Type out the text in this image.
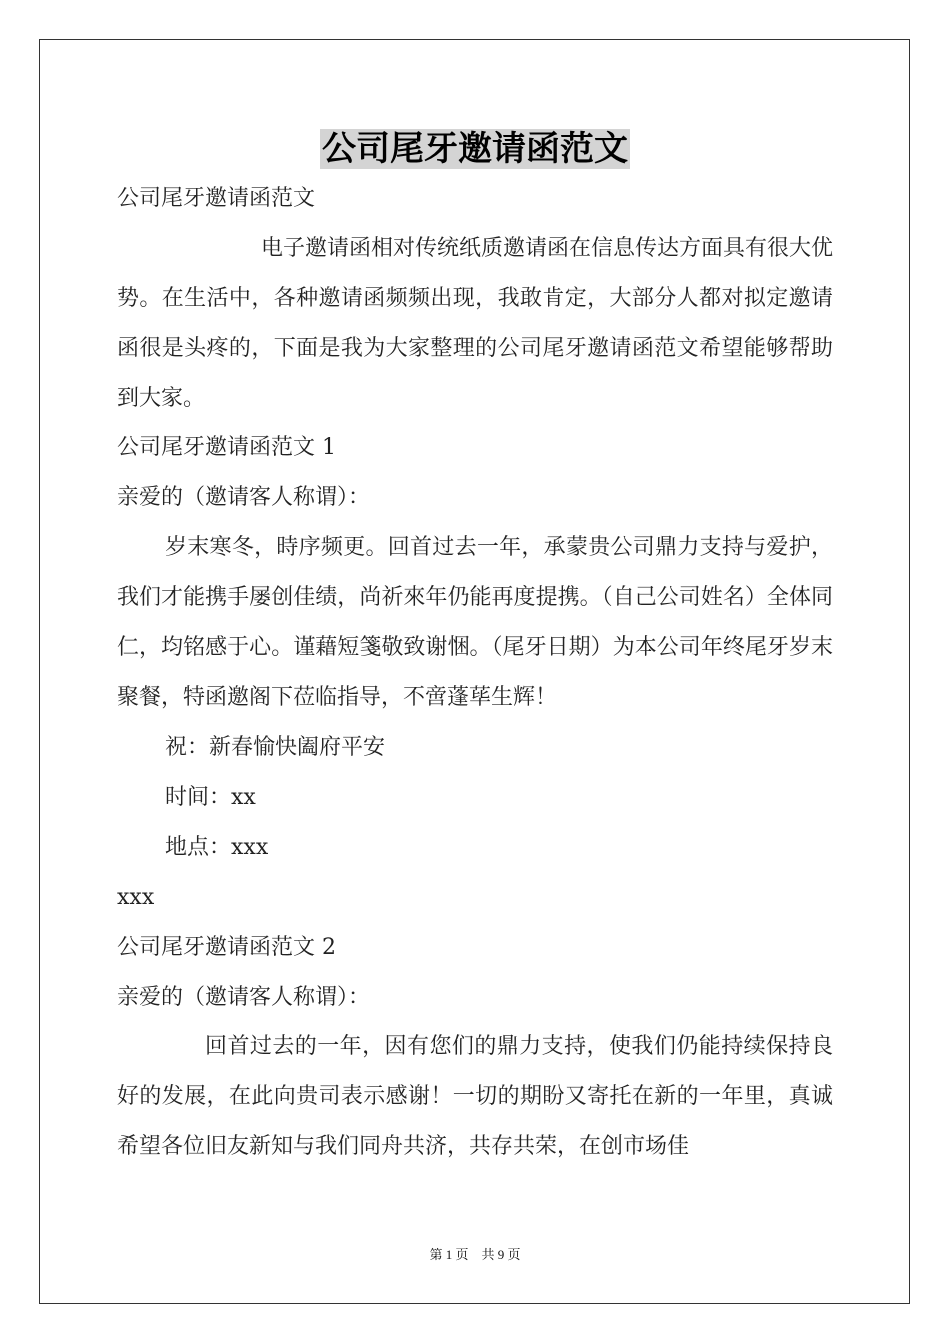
公司尾牙邀请函范文
公司尾牙邀请函范文
电子邀请函相对传统纸质邀请函在信息传达方面具有很大优势。在生活中，各种邀请函频频出现，我敢肯定，大部分人都对拟定邀请函很是头疼的，下面是我为大家整理的公司尾牙邀请函范文希望能够帮助到大家。
公司尾牙邀请函范文 1
亲爱的（邀请客人称谓）：
岁末寒冬，時序频更。回首过去一年，承蒙贵公司鼎力支持与爱护，我们才能携手屡创佳绩，尚祈來年仍能再度提携。（自己公司姓名）全体同仁，均铭感于心。谨藉短箋敬致谢悃。（尾牙日期）为本公司年终尾牙岁末聚餐，特函邀阁下莅临指导，不啻蓬荜生辉！
祝：新春愉快阖府平安
时间：xx
地点：xxx
xxx
公司尾牙邀请函范文 2
亲爱的（邀请客人称谓）：
回首过去的一年，因有您们的鼎力支持，使我们仍能持续保持良好的发展，在此向贵司表示感谢！一切的期盼又寄托在新的一年里，真诚希望各位旧友新知与我们同舟共济，共存共荣，在创市场佳
第 1 页　共 9 页
